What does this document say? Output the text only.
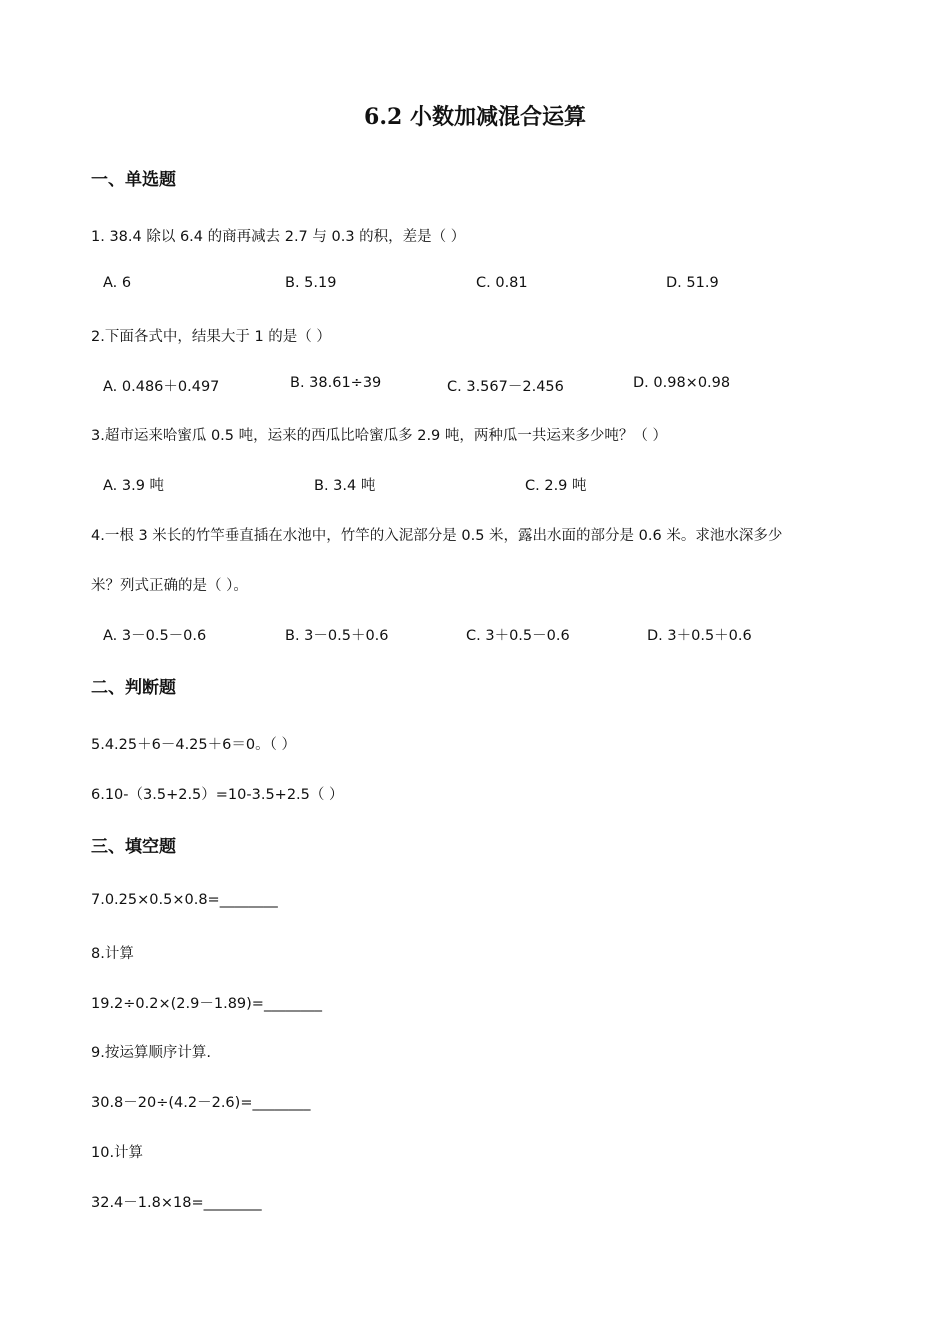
6.2 小数加减混合运算
一、单选题
1. 38.4 除以 6.4 的商再减去 2.7 与 0.3 的积，差是（ ）
A. 6	B. 5.19	C. 0.81	D. 51.9
2.下面各式中，结果大于 1 的是（ ）
A. 0.486＋0.497	B. 38.61÷39	C. 3.567－2.456	D. 0.98×0.98
3.超市运来哈蜜瓜 0.5 吨，运来的西瓜比哈蜜瓜多 2.9 吨，两种瓜一共运来多少吨？（ ）
A. 3.9 吨	B. 3.4 吨	C. 2.9 吨
4.一根 3 米长的竹竿垂直插在水池中，竹竿的入泥部分是 0.5 米，露出水面的部分是 0.6 米。求池水深多少
米？列式正确的是（ ）。
A. 3－0.5－0.6	B. 3－0.5＋0.6	C. 3＋0.5－0.6	D. 3＋0.5＋0.6
二、判断题
5.4.25＋6－4.25＋6＝0。（ ）
6.10-（3.5+2.5）=10-3.5+2.5（ ）
三、填空题
7.0.25×0.5×0.8=________
8.计算
19.2÷0.2×(2.9－1.89)=________
9.按运算顺序计算.
30.8－20÷(4.2－2.6)=________
10.计算
32.4－1.8×18=________
